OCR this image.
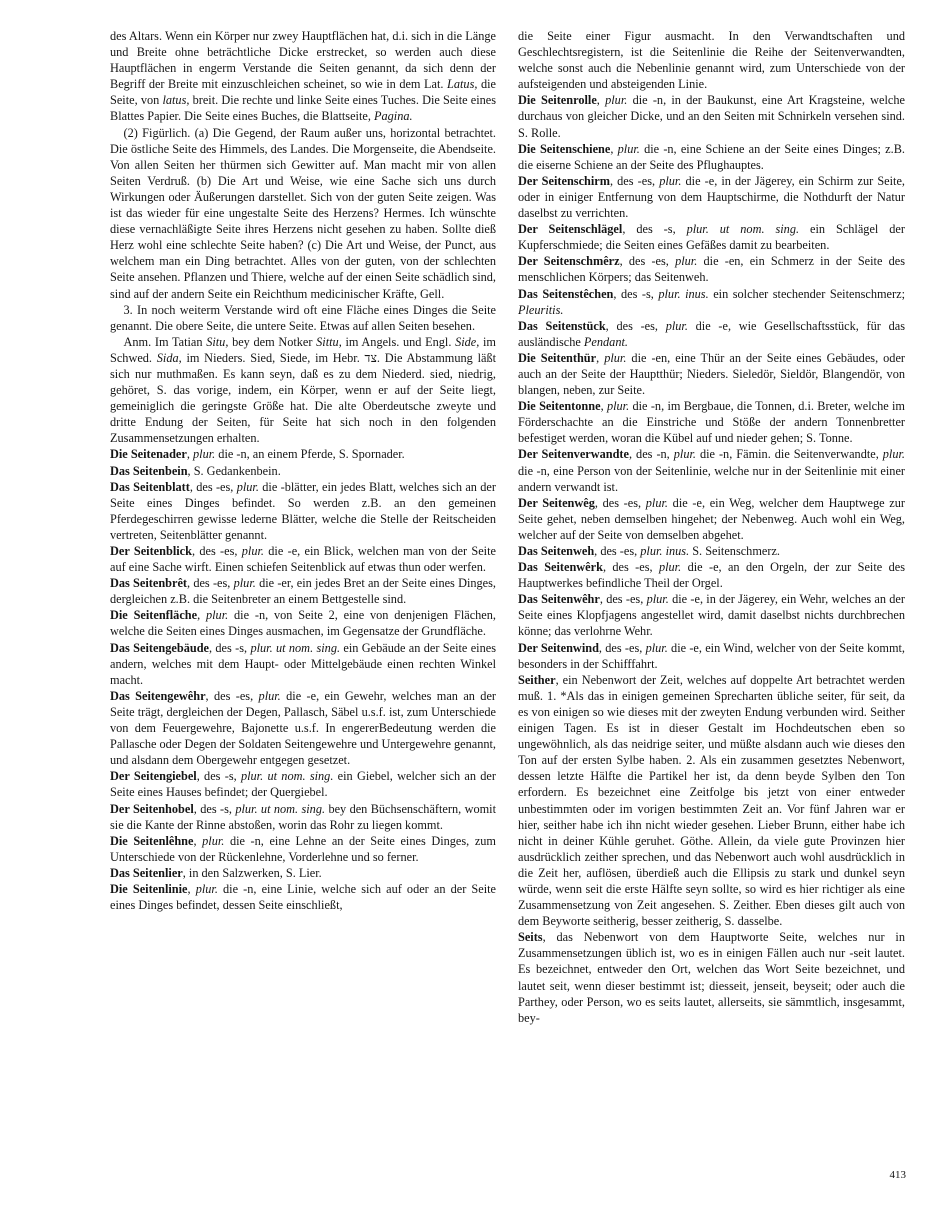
des Altars. Wenn ein Körper nur zwey Hauptflächen hat, d.i. sich in die Länge und Breite ohne beträchtliche Dicke erstrecket, so werden auch diese Hauptflächen in engerm Verstande die Seiten genannt, da sich denn der Begriff der Breite mit einzuschleichen scheinet, so wie in dem Lat. Latus, die Seite, von latus, breit. Die rechte und linke Seite eines Tuches. Die Seite eines Blattes Papier. Die Seite eines Buches, die Blattseite, Pagina.

(2) Figürlich. (a) Die Gegend, der Raum außer uns, horizontal betrachtet. Die östliche Seite des Himmels, des Landes. Die Morgenseite, die Abendseite. Von allen Seiten her thürmen sich Gewitter auf. Man macht mir von allen Seiten Verdruß. (b) Die Art und Weise, wie eine Sache sich uns durch Wirkungen oder Äußerungen darstellet. Sich von der guten Seite zeigen. Was ist das wieder für eine ungestalte Seite des Herzens? Hermes. Ich wünschte diese vernachläßigte Seite ihres Herzens nicht gesehen zu haben. Sollte dieß Herz wohl eine schlechte Seite haben? (c) Die Art und Weise, der Punct, aus welchem man ein Ding betrachtet. Alles von der guten, von der schlechten Seite ansehen. Pflanzen und Thiere, welche auf der einen Seite schädlich sind, sind auf der andern Seite ein Reichthum medicinischer Kräfte, Gell.

3. In noch weiterm Verstande wird oft eine Fläche eines Dinges die Seite genannt. Die obere Seite, die untere Seite. Etwas auf allen Seiten besehen.

Anm. Im Tatian Situ, bey dem Notker Sittu, im Angels. und Engl. Side, im Schwed. Sida, im Nieders. Sied, Siede, im Hebr. צד. Die Abstammung läßt sich nur muthmaßen. Es kann seyn, daß es zu dem Niederd. sied, niedrig, gehöret, S. das vorige, indem, ein Körper, wenn er auf der Seite liegt, gemeiniglich die geringste Größe hat. Die alte Oberdeutsche zweyte und dritte Endung der Seiten, für Seite hat sich noch in den folgenden Zusammensetzungen erhalten.

Die Seitenader, plur. die -n, an einem Pferde, S. Spornader.

Das Seitenbein, S. Gedankenbein.

Das Seitenblatt, des -es, plur. die -blätter, ein jedes Blatt, welches sich an der Seite eines Dinges befindet. So werden z.B. an den gemeinen Pferdegeschirren gewisse lederne Blätter, welche die Stelle der Reitscheiden vertreten, Seitenblätter genannt.

Der Seitenblick, des -es, plur. die -e, ein Blick, welchen man von der Seite auf eine Sache wirft. Einen schiefen Seitenblick auf etwas thun oder werfen.

Das Seitenbrêt, des -es, plur. die -er, ein jedes Bret an der Seite eines Dinges, dergleichen z.B. die Seitenbreter an einem Bettgestelle sind.

Die Seitenfläche, plur. die -n, von Seite 2, eine von denjenigen Flächen, welche die Seiten eines Dinges ausmachen, im Gegensatze der Grundfläche.

Das Seitengebäude, des -s, plur. ut nom. sing. ein Gebäude an der Seite eines andern, welches mit dem Haupt- oder Mittelgebäude einen rechten Winkel macht.

Das Seitengewêhr, des -es, plur. die -e, ein Gewehr, welches man an der Seite trägt, dergleichen der Degen, Pallasch, Säbel u.s.f. ist, zum Unterschiede von dem Feuergewehre, Bajonette u.s.f. In engererBedeutung werden die Pallasche oder Degen der Soldaten Seitengewehre und Untergewehre genannt, und alsdann dem Obergewehr entgegen gesetzet.

Der Seitengiebel, des -s, plur. ut nom. sing. ein Giebel, welcher sich an der Seite eines Hauses befindet; der Quergiebel.

Der Seitenhobel, des -s, plur. ut nom. sing. bey den Büchsenschäftern, womit sie die Kante der Rinne abstoßen, worin das Rohr zu liegen kommt.

Die Seitenlêhne, plur. die -n, eine Lehne an der Seite eines Dinges, zum Unterschiede von der Rückenlehne, Vorderlehne und so ferner.

Das Seitenlier, in den Salzwerken, S. Lier.

Die Seitenlinie, plur. die -n, eine Linie, welche sich auf oder an der Seite eines Dinges befindet, dessen Seite einschließt,

die Seite einer Figur ausmacht. In den Verwandtschaften und Geschlechtsregistern, ist die Seitenlinie die Reihe der Seitenverwandten, welche sonst auch die Nebenlinie genannt wird, zum Unterschiede von der aufsteigenden und absteigenden Linie.

Die Seitenrolle, plur. die -n, in der Baukunst, eine Art Kragsteine, welche durchaus von gleicher Dicke, und an den Seiten mit Schnirkeln versehen sind. S. Rolle.

Die Seitenschiene, plur. die -n, eine Schiene an der Seite eines Dinges; z.B. die eiserne Schiene an der Seite des Pflughauptes.

Der Seitenschirm, des -es, plur. die -e, in der Jägerey, ein Schirm zur Seite, oder in einiger Entfernung von dem Hauptschirme, die Nothdurft der Natur daselbst zu verrichten.

Der Seitenschlägel, des -s, plur. ut nom. sing. ein Schlägel der Kupferschmiede; die Seiten eines Gefäßes damit zu bearbeiten.

Der Seitenschmêrz, des -es, plur. die -en, ein Schmerz in der Seite des menschlichen Körpers; das Seitenweh.

Das Seitenstêchen, des -s, plur. inus. ein solcher stechender Seitenschmerz; Pleuritis.

Das Seitenstück, des -es, plur. die -e, wie Gesellschaftsstück, für das ausländische Pendant.

Die Seitenthür, plur. die -en, eine Thür an der Seite eines Gebäudes, oder auch an der Seite der Hauptthür; Nieders. Sieledör, Sieldör, Blangendör, von blangen, neben, zur Seite.

Die Seitentonne, plur. die -n, im Bergbaue, die Tonnen, d.i. Breter, welche im Förderschachte an die Einstriche und Stöße der andern Tonnenbretter befestiget werden, woran die Kübel auf und nieder gehen; S. Tonne.

Der Seitenverwandte, des -n, plur. die -n, Fämin. die Seitenverwandte, plur. die -n, eine Person von der Seitenlinie, welche nur in der Seitenlinie mit einer andern verwandt ist.

Der Seitenwêg, des -es, plur. die -e, ein Weg, welcher dem Hauptwege zur Seite gehet, neben demselben hingehet; der Nebenweg. Auch wohl ein Weg, welcher auf der Seite von demselben abgehet.

Das Seitenweh, des -es, plur. inus. S. Seitenschmerz.

Das Seitenwêrk, des -es, plur. die -e, an den Orgeln, der zur Seite des Hauptwerkes befindliche Theil der Orgel.

Das Seitenwêhr, des -es, plur. die -e, in der Jägerey, ein Wehr, welches an der Seite eines Klopfjagens angestellet wird, damit daselbst nichts durchbrechen könne; das verlohrne Wehr.

Der Seitenwind, des -es, plur. die -e, ein Wind, welcher von der Seite kommt, besonders in der Schifffahrt.

Seither, ein Nebenwort der Zeit, welches auf doppelte Art betrachtet werden muß. 1. *Als das in einigen gemeinen Sprecharten übliche seiter, für seit, da es von einigen so wie dieses mit der zweyten Endung verbunden wird. Seither einigen Tagen. Es ist in dieser Gestalt im Hochdeutschen eben so ungewöhnlich, als das neidrige seiter, und müßte alsdann auch wie dieses den Ton auf der ersten Sylbe haben. 2. Als ein zusammen gesetztes Nebenwort, dessen letzte Hälfte die Partikel her ist, da denn beyde Sylben den Ton erfordern. Es bezeichnet eine Zeitfolge bis jetzt von einer entweder unbestimmten oder im vorigen bestimmten Zeit an. Vor fünf Jahren war er hier, seither habe ich ihn nicht wieder gesehen. Lieber Brunn, either habe ich nicht in deiner Kühle geruhet. Göthe. Allein, da viele gute Provinzen hier ausdrücklich zeither sprechen, und das Nebenwort auch wohl ausdrücklich in die Zeit her, auflösen, überdieß auch die Ellipsis zu stark und dunkel seyn würde, wenn seit die erste Hälfte seyn sollte, so wird es hier richtiger als eine Zusammensetzung von Zeit angesehen. S. Zeither. Eben dieses gilt auch von dem Beyworte seitherig, besser zeitherig, S. dasselbe.

Seits, das Nebenwort von dem Hauptworte Seite, welches nur in Zusammensetzungen üblich ist, wo es in einigen Fällen auch nur -seit lautet. Es bezeichnet, entweder den Ort, welchen das Wort Seite bezeichnet, und lautet seit, wenn dieser bestimmt ist; diesseit, jenseit, beyseit; oder auch die Parthey, oder Person, wo es seits lautet, allerseits, sie sämmtlich, insgesammt, bey-

413
